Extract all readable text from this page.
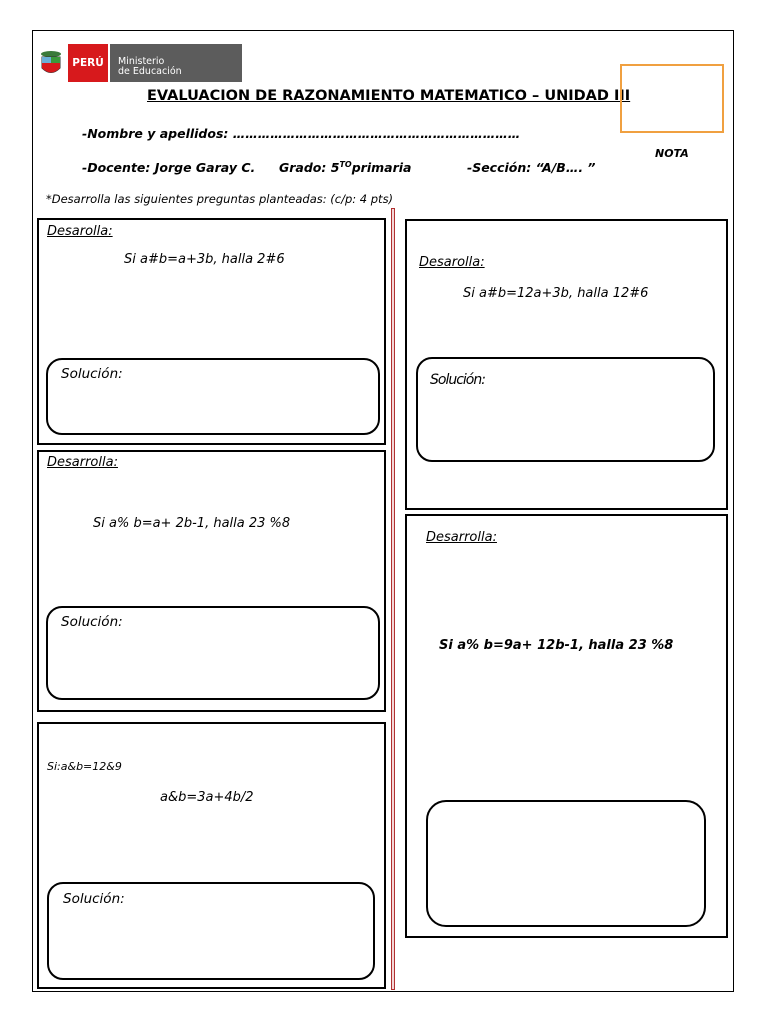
PERÚ	Ministerio
de Educación
EVALUACION DE RAZONAMIENTO MATEMATICO – UNIDAD III
NOTA
-Nombre y apellidos: ……………………………………………………………
-Docente: Jorge Garay C. Grado: $5^{TO}primaria$	-Sección: “A/B…. ”
*Desarrolla las siguientes preguntas planteadas: (c/p: 4 pts)
Desarolla:
Si a#b=a+3b, halla 2#6
Solución:
Desarrolla:
Si a% b=a+ 2b-1, halla 23 %8
Solución:
Si:a&b=12&9
a&b=3a+4b/2
Solución:
Desarolla:
Si a#b=12a+3b, halla 12#6
Solución:
Desarrolla:
Si a% b=9a+ 12b-1, halla 23 %8
